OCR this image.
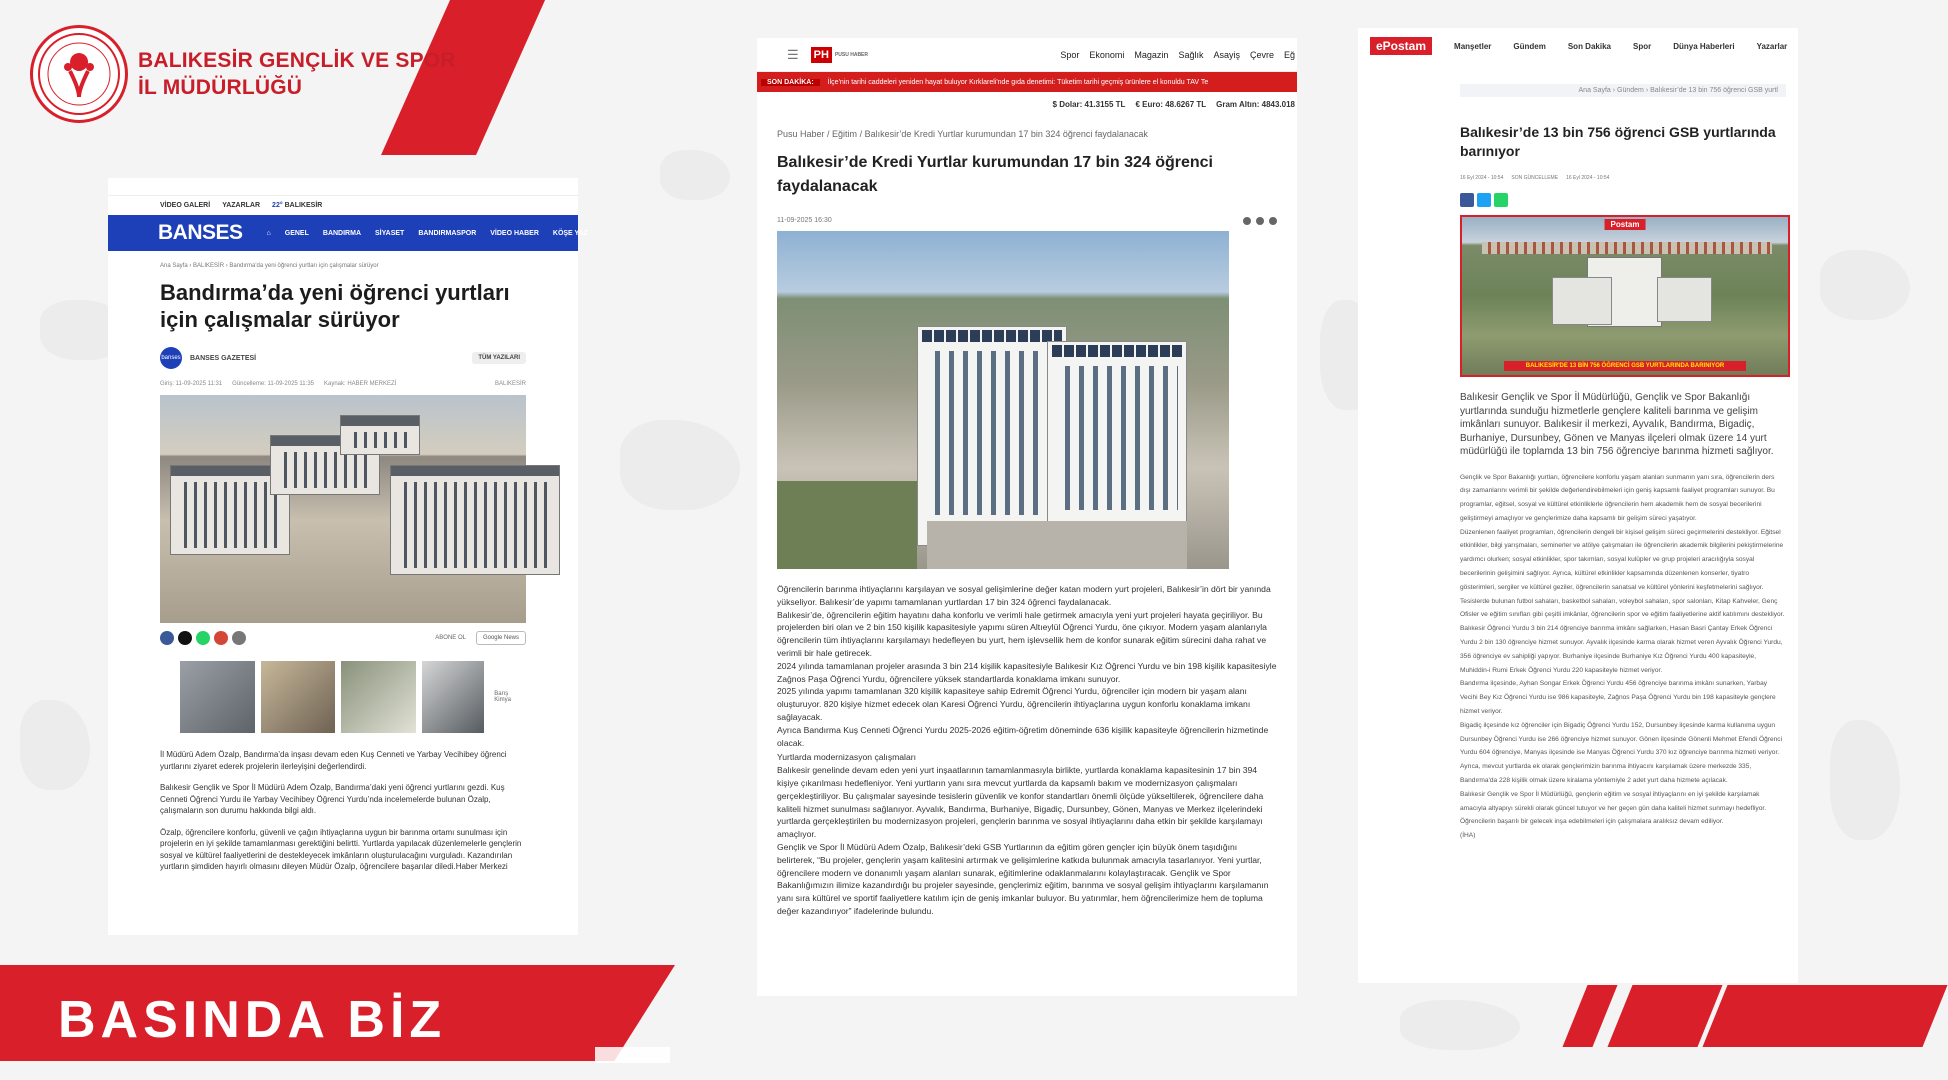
BALIKESİR GENÇLİK VE SPOR
İL MÜDÜRLÜĞÜ
VİDEO GALERİ YAZARLAR 22° BALIKESİR
BANSES	⌂ GENEL BANDIRMA SİYASET BANDIRMASPOR VİDEO HABER KÖŞE YAZ
Ana Sayfa › BALIKESİR › Bandırma'da yeni öğrenci yurtları için çalışmalar sürüyor
Bandırma’da yeni öğrenci yurtları için çalışmalar sürüyor
banses BANSES GAZETESİ	TÜM YAZILARI
Giriş: 11-09-2025 11:31 Güncelleme: 11-09-2025 11:35 Kaynak: HABER MERKEZİ	BALIKESİR
ABONE OL	Google News
Barış Kimya

İl Müdürü Adem Özalp, Bandırma’da inşası devam eden Kuş Cenneti ve Yarbay Vecihibey öğrenci yurtlarını ziyaret ederek projelerin ilerleyişini değerlendirdi.

Balıkesir Gençlik ve Spor İl Müdürü Adem Özalp, Bandırma’daki yeni öğrenci yurtlarını gezdi. Kuş Cenneti Öğrenci Yurdu ile Yarbay Vecihibey Öğrenci Yurdu’nda incelemelerde bulunan Özalp, çalışmaların son durumu hakkında bilgi aldı.

Özalp, öğrencilere konforlu, güvenli ve çağın ihtiyaçlarına uygun bir barınma ortamı sunulması için projelerin en iyi şekilde tamamlanması gerektiğini belirtti. Yurtlarda yapılacak düzenlemelerle gençlerin sosyal ve kültürel faaliyetlerini de destekleyecek imkânların oluşturulacağını vurguladı. Kazandırılan yurtların şimdiden hayırlı olmasını dileyen Müdür Özalp, öğrencilere başarılar diledi.Haber Merkezi

☰ PH	PUSU HABER	Spor Ekonomi Magazin Sağlık Asayiş Çevre Eğ
SON DAKİKA:	İlçe'nin tarihi caddeleri yeniden hayat buluyor Kırklareli'nde gıda denetimi: Tüketim tarihi geçmiş ürünlere el konuldu TAV Te
$ Dolar: 41.3155 TL € Euro: 48.6267 TL Gram Altın: 4843.018
Pusu Haber / Eğitim / Balıkesir’de Kredi Yurtlar kurumundan 17 bin 324 öğrenci faydalanacak
Balıkesir’de Kredi Yurtlar kurumundan 17 bin 324 öğrenci faydalanacak
11-09-2025 16:30

Öğrencilerin barınma ihtiyaçlarını karşılayan ve sosyal gelişimlerine değer katan modern yurt projeleri, Balıkesir’in dört bir yanında yükseliyor. Balıkesir’de yapımı tamamlanan yurtlardan 17 bin 324 öğrenci faydalanacak.

Balıkesir’de, öğrencilerin eğitim hayatını daha konforlu ve verimli hale getirmek amacıyla yeni yurt projeleri hayata geçiriliyor. Bu projelerden biri olan ve 2 bin 150 kişilik kapasitesiyle yapımı süren Altıeylül Öğrenci Yurdu, öne çıkıyor. Modern yaşam alanlarıyla öğrencilerin tüm ihtiyaçlarını karşılamayı hedefleyen bu yurt, hem işlevsellik hem de konfor sunarak eğitim sürecini daha rahat ve verimli bir hale getirecek.

2024 yılında tamamlanan projeler arasında 3 bin 214 kişilik kapasitesiyle Balıkesir Kız Öğrenci Yurdu ve bin 198 kişilik kapasitesiyle Zağnos Paşa Öğrenci Yurdu, öğrencilere yüksek standartlarda konaklama imkanı sunuyor.

2025 yılında yapımı tamamlanan 320 kişilik kapasiteye sahip Edremit Öğrenci Yurdu, öğrenciler için modern bir yaşam alanı oluşturuyor. 820 kişiye hizmet edecek olan Karesi Öğrenci Yurdu, öğrencilerin ihtiyaçlarına uygun konforlu konaklama imkanı sağlayacak.

Ayrıca Bandırma Kuş Cenneti Öğrenci Yurdu 2025-2026 eğitim-öğretim döneminde 636 kişilik kapasiteyle öğrencilerin hizmetinde olacak.

Yurtlarda modernizasyon çalışmaları

Balıkesir genelinde devam eden yeni yurt inşaatlarının tamamlanmasıyla birlikte, yurtlarda konaklama kapasitesinin 17 bin 394 kişiye çıkarılması hedefleniyor. Yeni yurtların yanı sıra mevcut yurtlarda da kapsamlı bakım ve modernizasyon çalışmaları gerçekleştiriliyor. Bu çalışmalar sayesinde tesislerin güvenlik ve konfor standartları önemli ölçüde yükseltilerek, öğrencilere daha kaliteli hizmet sunulması sağlanıyor. Ayvalık, Bandırma, Burhaniye, Bigadiç, Dursunbey, Gönen, Manyas ve Merkez ilçelerindeki yurtlarda gerçekleştirilen bu modernizasyon projeleri, gençlerin barınma ve sosyal ihtiyaçlarını daha etkin bir şekilde karşılamayı amaçlıyor.

Gençlik ve Spor İl Müdürü Adem Özalp, Balıkesir’deki GSB Yurtlarının da eğitim gören gençler için büyük önem taşıdığını belirterek, “Bu projeler, gençlerin yaşam kalitesini artırmak ve gelişimlerine katkıda bulunmak amacıyla tasarlanıyor. Yeni yurtlar, öğrencilere modern ve donanımlı yaşam alanları sunarak, eğitimlerine odaklanmalarını kolaylaştıracak. Gençlik ve Spor Bakanlığımızın ilimize kazandırdığı bu projeler sayesinde, gençlerimiz eğitim, barınma ve sosyal gelişim ihtiyaçlarını karşılamanın yanı sıra kültürel ve sportif faaliyetlere katılım için de geniş imkanlar buluyor. Bu yatırımlar, hem öğrencilerimize hem de topluma değer kazandırıyor” ifadelerinde bulundu.

ePostam	Manşetler	Gündem	Son Dakika	Spor	Dünya Haberleri	Yazarlar
Ana Sayfa › Gündem › Balıkesir’de 13 bin 756 öğrenci GSB yurtl
Balıkesir’de 13 bin 756 öğrenci GSB yurtlarında barınıyor
16 Eyl 2024 - 10:54 SON GÜNCELLEME 16 Eyl 2024 - 10:54
Postam
BALIKESİR'DE 13 BİN 756 ÖĞRENCİ GSB YURTLARINDA BARINIYOR
Balıkesir Gençlik ve Spor İl Müdürlüğü, Gençlik ve Spor Bakanlığı yurtlarında sunduğu hizmetlerle gençlere kaliteli barınma ve gelişim imkânları sunuyor. Balıkesir il merkezi, Ayvalık, Bandırma, Bigadiç, Burhaniye, Dursunbey, Gönen ve Manyas ilçeleri olmak üzere 14 yurt müdürlüğü ile toplamda 13 bin 756 öğrenciye barınma hizmeti sağlıyor.

Gençlik ve Spor Bakanlığı yurtları, öğrencilere konforlu yaşam alanları sunmanın yanı sıra, öğrencilerin ders dışı zamanlarını verimli bir şekilde değerlendirebilmeleri için geniş kapsamlı faaliyet programları sunuyor. Bu programlar, eğitsel, sosyal ve kültürel etkinliklerle öğrencilerin hem akademik hem de sosyal becerilerini geliştirmeyi amaçlıyor ve gençlerimize daha kapsamlı bir gelişim süreci yaşatıyor.

Düzenlenen faaliyet programları, öğrencilerin dengeli bir kişisel gelişim süreci geçirmelerini destekliyor. Eğitsel etkinlikler, bilgi yarışmaları, seminerler ve atölye çalışmaları ile öğrencilerin akademik bilgilerini pekiştirmelerine yardımcı olurken; sosyal etkinlikler, spor takımları, sosyal kulüpler ve grup projeleri aracılığıyla sosyal becerilerinin gelişimini sağlıyor. Ayrıca, kültürel etkinlikler kapsamında düzenlenen konserler, tiyatro gösterimleri, sergiler ve kültürel geziler, öğrencilerin sanatsal ve kültürel yönlerini keşfetmelerini sağlıyor. Tesislerde bulunan futbol sahaları, basketbol sahaları, voleybol sahaları, spor salonları, Kitap Kahveler, Genç Ofisler ve eğitim sınıfları gibi çeşitli imkânlar, öğrencilerin spor ve eğitim faaliyetlerine aktif katılımını destekliyor.

Balıkesir Öğrenci Yurdu 3 bin 214 öğrenciye barınma imkânı sağlarken, Hasan Basri Çantay Erkek Öğrenci Yurdu 2 bin 130 öğrenciye hizmet sunuyor. Ayvalık ilçesinde karma olarak hizmet veren Ayvalık Öğrenci Yurdu, 356 öğrenciye ev sahipliği yapıyor. Burhaniye ilçesinde Burhaniye Kız Öğrenci Yurdu 400 kapasiteyle, Muhiddin-i Rumi Erkek Öğrenci Yurdu 220 kapasiteyle hizmet veriyor.

Bandırma ilçesinde, Ayhan Songar Erkek Öğrenci Yurdu 456 öğrenciye barınma imkânı sunarken, Yarbay Vecihi Bey Kız Öğrenci Yurdu ise 986 kapasiteyle, Zağnos Paşa Öğrenci Yurdu bin 198 kapasiteyle gençlere hizmet veriyor.

Bigadiç ilçesinde kız öğrenciler için Bigadiç Öğrenci Yurdu 152, Dursunbey ilçesinde karma kullanıma uygun Dursunbey Öğrenci Yurdu ise 266 öğrenciye hizmet sunuyor. Gönen ilçesinde Gönenli Mehmet Efendi Öğrenci Yurdu 604 öğrenciye, Manyas ilçesinde ise Manyas Öğrenci Yurdu 370 kız öğrenciye barınma hizmeti veriyor.

Ayrıca, mevcut yurtlarda ek olarak gençlerimizin barınma ihtiyacını karşılamak üzere merkezde 335, Bandırma'da 228 kişilik olmak üzere kiralama yöntemiyle 2 adet yurt daha hizmete açılacak.

Balıkesir Gençlik ve Spor İl Müdürlüğü, gençlerin eğitim ve sosyal ihtiyaçlarını en iyi şekilde karşılamak amacıyla altyapıyı sürekli olarak güncel tutuyor ve her geçen gün daha kaliteli hizmet sunmayı hedefliyor. Öğrencilerin başarılı bir gelecek inşa edebilmeleri için çalışmalara aralıksız devam ediliyor.

(İHA)

BASINDA BİZ
